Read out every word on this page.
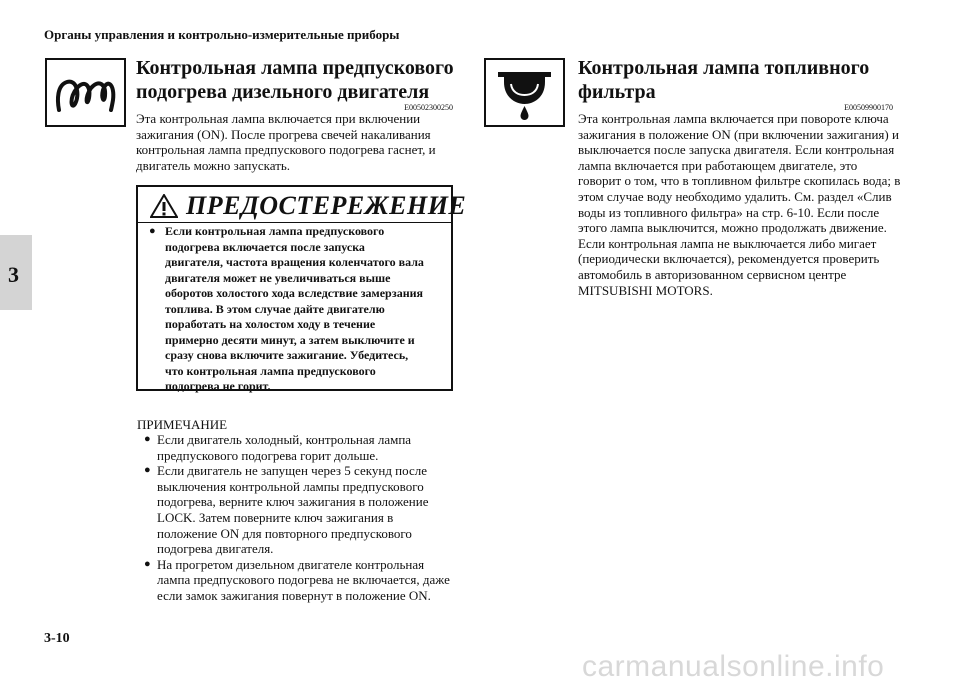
Органы управления и контрольно-измерительные приборы
3
Контрольная лампа предпускового подогрева дизельного двигателя
E00502300250
Эта контрольная лампа включается при включении зажигания (ON). После прогрева свечей накаливания контрольная лампа предпускового подогрева гаснет, и двигатель можно запускать.
ПРЕДОСТЕРЕЖЕНИЕ
● Если контрольная лампа предпускового подогрева включается после запуска двигателя, частота вращения коленчатого вала двигателя может не увеличиваться выше оборотов холостого хода вследствие замерзания топлива. В этом случае дайте двигателю поработать на холостом ходу в течение примерно десяти минут, а затем выключите и сразу снова включите зажигание. Убедитесь, что контрольная лампа предпускового подогрева не горит.
ПРИМЕЧАНИЕ
● Если двигатель холодный, контрольная лампа предпускового подогрева горит дольше.
● Если двигатель не запущен через 5 секунд после выключения контрольной лампы предпускового подогрева, верните ключ зажигания в положение LOCK. Затем поверните ключ зажигания в положение ON для повторного предпускового подогрева двигателя.
● На прогретом дизельном двигателе контрольная лампа предпускового подогрева не включается, даже если замок зажигания повернут в положение ON.
Контрольная лампа топливного фильтра
E00509900170
Эта контрольная лампа включается при повороте ключа зажигания в положение ON (при включении зажигания) и выключается после запуска двигателя. Если контрольная лампа включается при работающем двигателе, это говорит о том, что в топливном фильтре скопилась вода; в этом случае воду необходимо удалить. См. раздел «Слив воды из топливного фильтра» на стр. 6-10. Если после этого лампа выключится, можно продолжать движение. Если контрольная лампа не выключается либо мигает (периодически включается), рекомендуется проверить автомобиль в авторизованном сервисном центре MITSUBISHI MOTORS.
3-10
carmanualsonline.info
